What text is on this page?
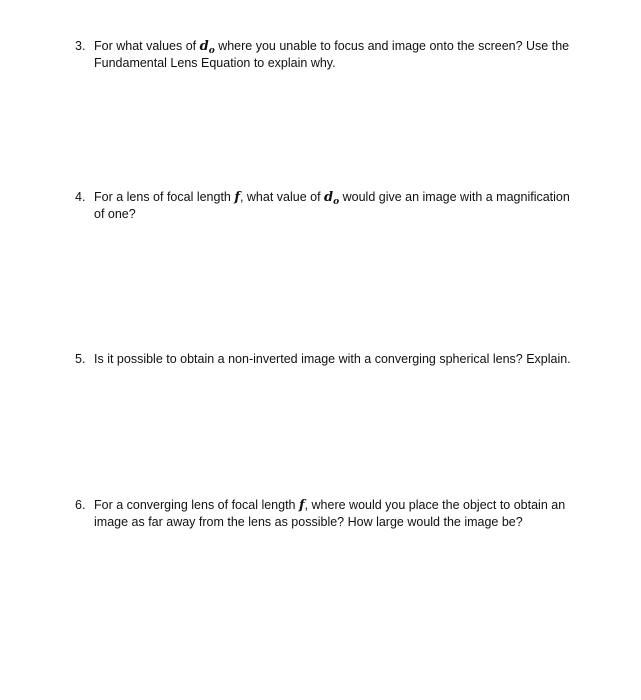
3. For what values of $d_o$ where you unable to focus and image onto the screen? Use the Fundamental Lens Equation to explain why.
4. For a lens of focal length f, what value of $d_o$ would give an image with a magnification of one?
5. Is it possible to obtain a non-inverted image with a converging spherical lens? Explain.
6. For a converging lens of focal length f, where would you place the object to obtain an image as far away from the lens as possible? How large would the image be?
